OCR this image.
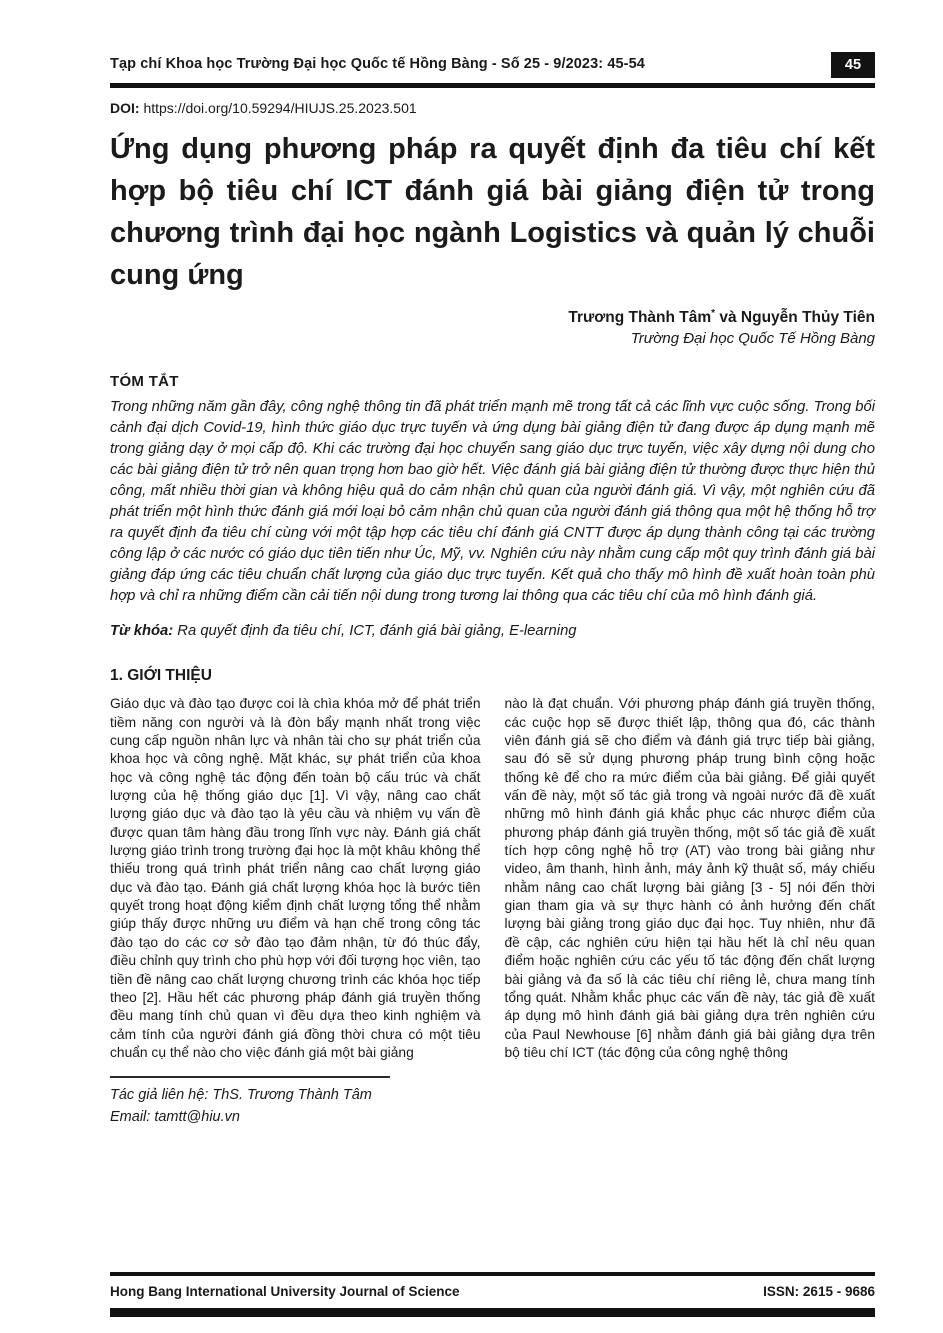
Tạp chí Khoa học Trường Đại học Quốc tế Hồng Bàng - Số 25 - 9/2023: 45-54	45
DOI: https://doi.org/10.59294/HIUJS.25.2023.501
Ứng dụng phương pháp ra quyết định đa tiêu chí kết hợp bộ tiêu chí ICT đánh giá bài giảng điện tử trong chương trình đại học ngành Logistics và quản lý chuỗi cung ứng
Trương Thành Tâm* và Nguyễn Thủy Tiên
Trường Đại học Quốc Tế Hồng Bàng
TÓM TẮT
Trong những năm gần đây, công nghệ thông tin đã phát triển mạnh mẽ trong tất cả các lĩnh vực cuộc sống. Trong bối cảnh đại dịch Covid-19, hình thức giáo dục trực tuyến và ứng dụng bài giảng điện tử đang được áp dụng mạnh mẽ trong giảng dạy ở mọi cấp độ. Khi các trường đại học chuyển sang giáo dục trực tuyến, việc xây dựng nội dung cho các bài giảng điện tử trở nên quan trọng hơn bao giờ hết. Việc đánh giá bài giảng điện tử thường được thực hiện thủ công, mất nhiều thời gian và không hiệu quả do cảm nhận chủ quan của người đánh giá. Vì vậy, một nghiên cứu đã phát triển một hình thức đánh giá mới loại bỏ cảm nhận chủ quan của người đánh giá thông qua một hệ thống hỗ trợ ra quyết định đa tiêu chí cùng với một tập hợp các tiêu chí đánh giá CNTT được áp dụng thành công tại các trường công lập ở các nước có giáo dục tiên tiến như Úc, Mỹ, vv. Nghiên cứu này nhằm cung cấp một quy trình đánh giá bài giảng đáp ứng các tiêu chuẩn chất lượng của giáo dục trực tuyến. Kết quả cho thấy mô hình đề xuất hoàn toàn phù hợp và chỉ ra những điểm cần cải tiến nội dung trong tương lai thông qua các tiêu chí của mô hình đánh giá.
Từ khóa: Ra quyết định đa tiêu chí, ICT, đánh giá bài giảng, E-learning
1. GIỚI THIỆU
Giáo dục và đào tạo được coi là chìa khóa mở để phát triển tiềm năng con người và là đòn bẩy mạnh nhất trong việc cung cấp nguồn nhân lực và nhân tài cho sự phát triển của khoa học và công nghệ. Mặt khác, sự phát triển của khoa học và công nghệ tác động đến toàn bộ cấu trúc và chất lượng của hệ thống giáo dục [1]. Vì vậy, nâng cao chất lượng giáo dục và đào tạo là yêu cầu và nhiệm vụ vấn đề được quan tâm hàng đầu trong lĩnh vực này. Đánh giá chất lượng giáo trình trong trường đại học là một khâu không thể thiếu trong quá trình phát triển nâng cao chất lượng giáo dục và đào tạo. Đánh giá chất lượng khóa học là bước tiên quyết trong hoạt động kiểm định chất lượng tổng thể nhằm giúp thấy được những ưu điểm và hạn chế trong công tác đào tạo do các cơ sở đào tạo đảm nhận, từ đó thúc đẩy, điều chỉnh quy trình cho phù hợp với đối tượng học viên, tạo tiền đề nâng cao chất lượng chương trình các khóa học tiếp theo [2]. Hầu hết các phương pháp đánh giá truyền thống đều mang tính chủ quan vì đều dựa theo kinh nghiệm và cảm tính của người đánh giá đồng thời chưa có một tiêu chuẩn cụ thể nào cho việc đánh giá một bài giảng
nào là đạt chuẩn. Với phương pháp đánh giá truyền thống, các cuộc họp sẽ được thiết lập, thông qua đó, các thành viên đánh giá sẽ cho điểm và đánh giá trực tiếp bài giảng, sau đó sẽ sử dụng phương pháp trung bình cộng hoặc thống kê để cho ra mức điểm của bài giảng. Để giải quyết vấn đề này, một số tác giả trong và ngoài nước đã đề xuất những mô hình đánh giá khắc phục các nhược điểm của phương pháp đánh giá truyền thống, một số tác giả đề xuất tích hợp công nghệ hỗ trợ (AT) vào trong bài giảng như video, âm thanh, hình ảnh, máy ảnh kỹ thuật số, máy chiếu nhằm nâng cao chất lượng bài giảng [3 - 5] nói đến thời gian tham gia và sự thực hành có ảnh hưởng đến chất lượng bài giảng trong giáo dục đại học. Tuy nhiên, như đã đề cập, các nghiên cứu hiện tại hầu hết là chỉ nêu quan điểm hoặc nghiên cứu các yếu tố tác động đến chất lượng bài giảng và đa số là các tiêu chí riêng lẻ, chưa mang tính tổng quát. Nhằm khắc phục các vấn đề này, tác giả đề xuất áp dụng mô hình đánh giá bài giảng dựa trên nghiên cứu của Paul Newhouse [6] nhằm đánh giá bài giảng dựa trên bộ tiêu chí ICT (tác động của công nghệ thông
Tác giả liên hệ: ThS. Trương Thành Tâm
Email: tamtt@hiu.vn
Hong Bang International University Journal of Science	ISSN: 2615 - 9686
